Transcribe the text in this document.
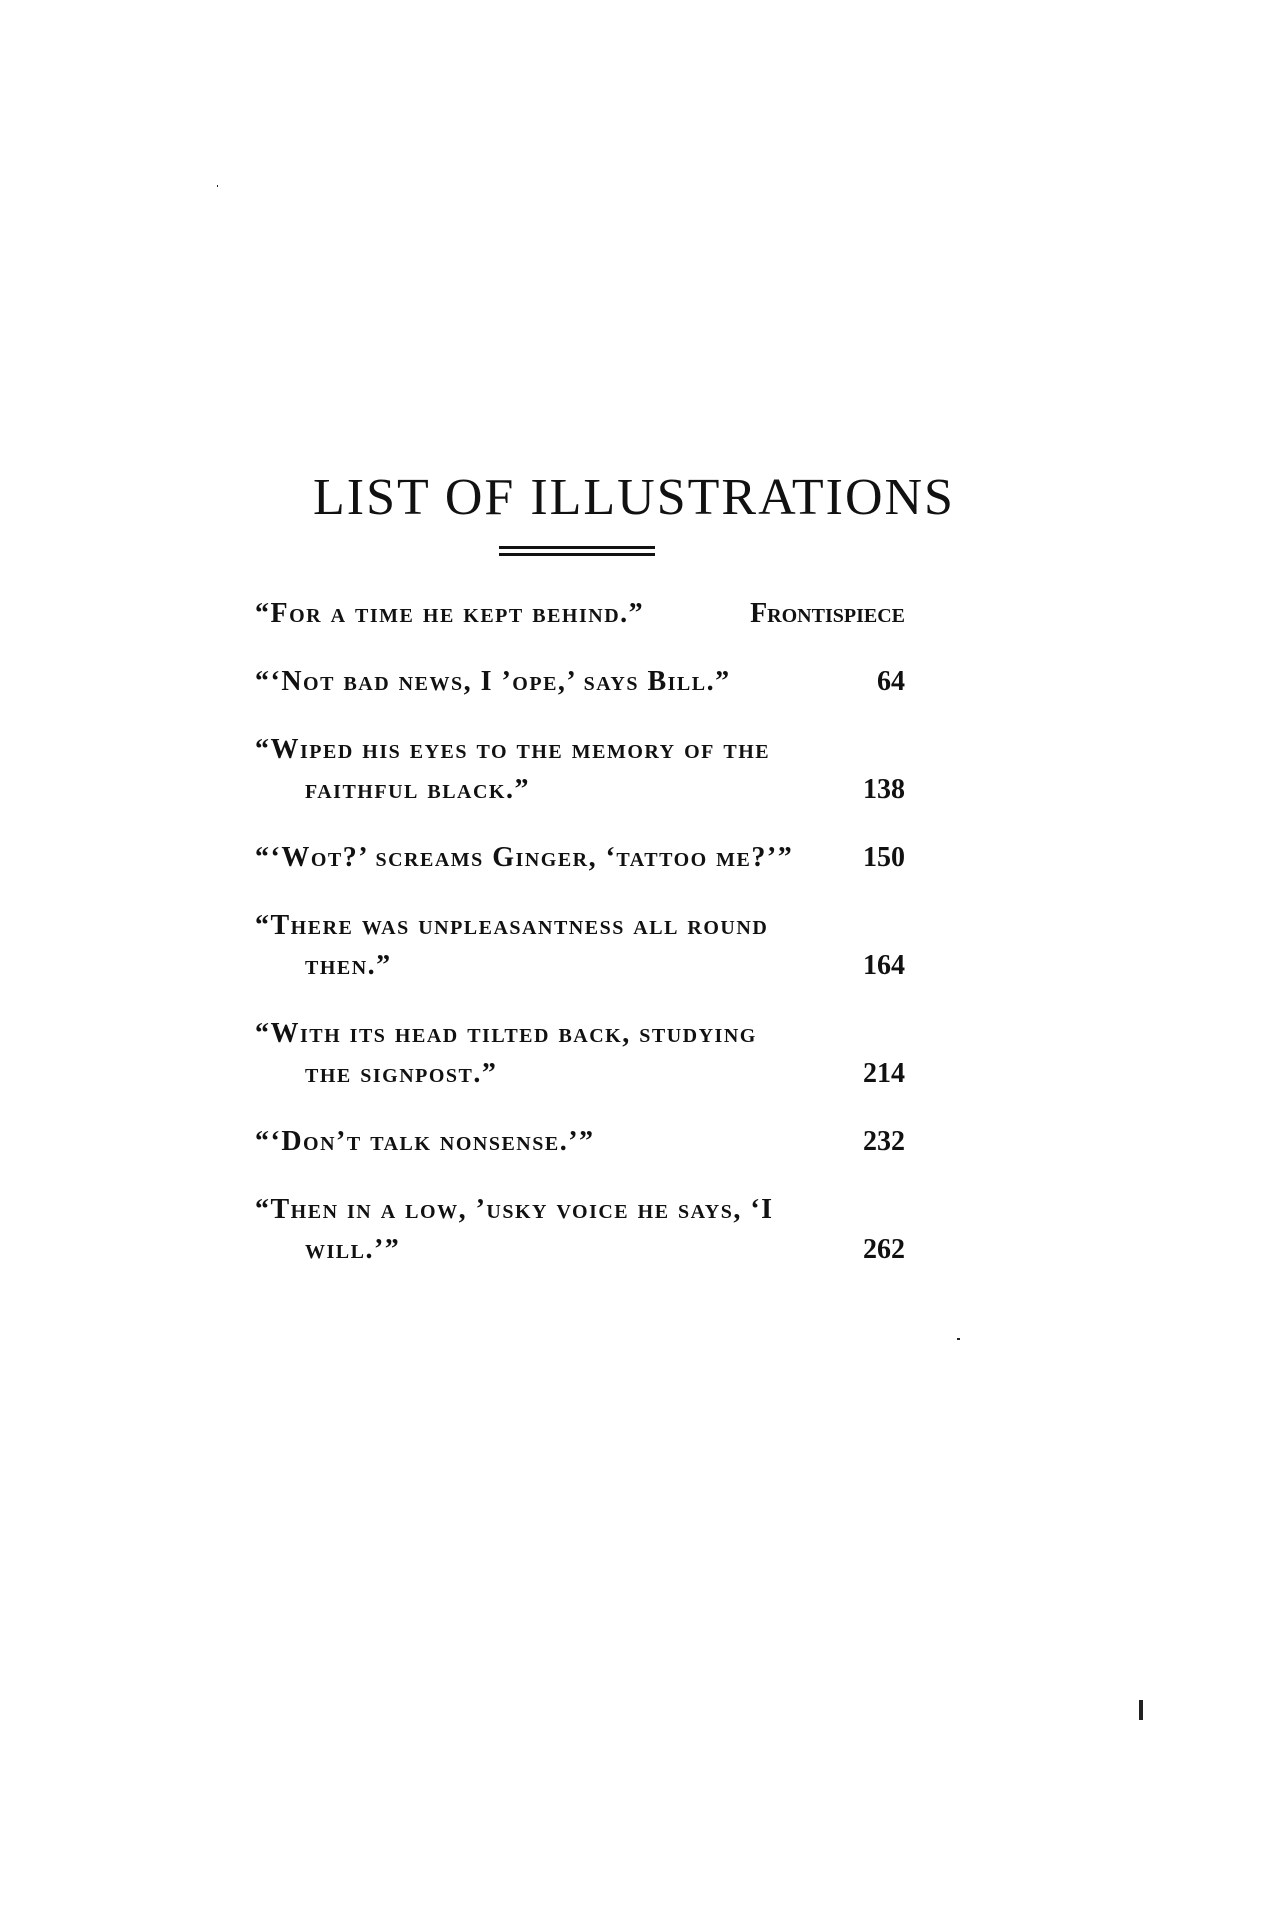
LIST OF ILLUSTRATIONS
“For a time he kept behind.”	Frontispiece
“‘Not bad news, I ’ope,’ says Bill.”	64
“Wiped his eyes to the memory of the
faithful black.”	138
“‘Wot?’ screams Ginger, ‘tattoo me?’” 150
“There was unpleasantness all round
then.”	164
“With its head tilted back, studying
the signpost.”	214
“‘Don’t talk nonsense.’”	232
“Then in a low, ’usky voice he says, ‘I
will.’”	262
